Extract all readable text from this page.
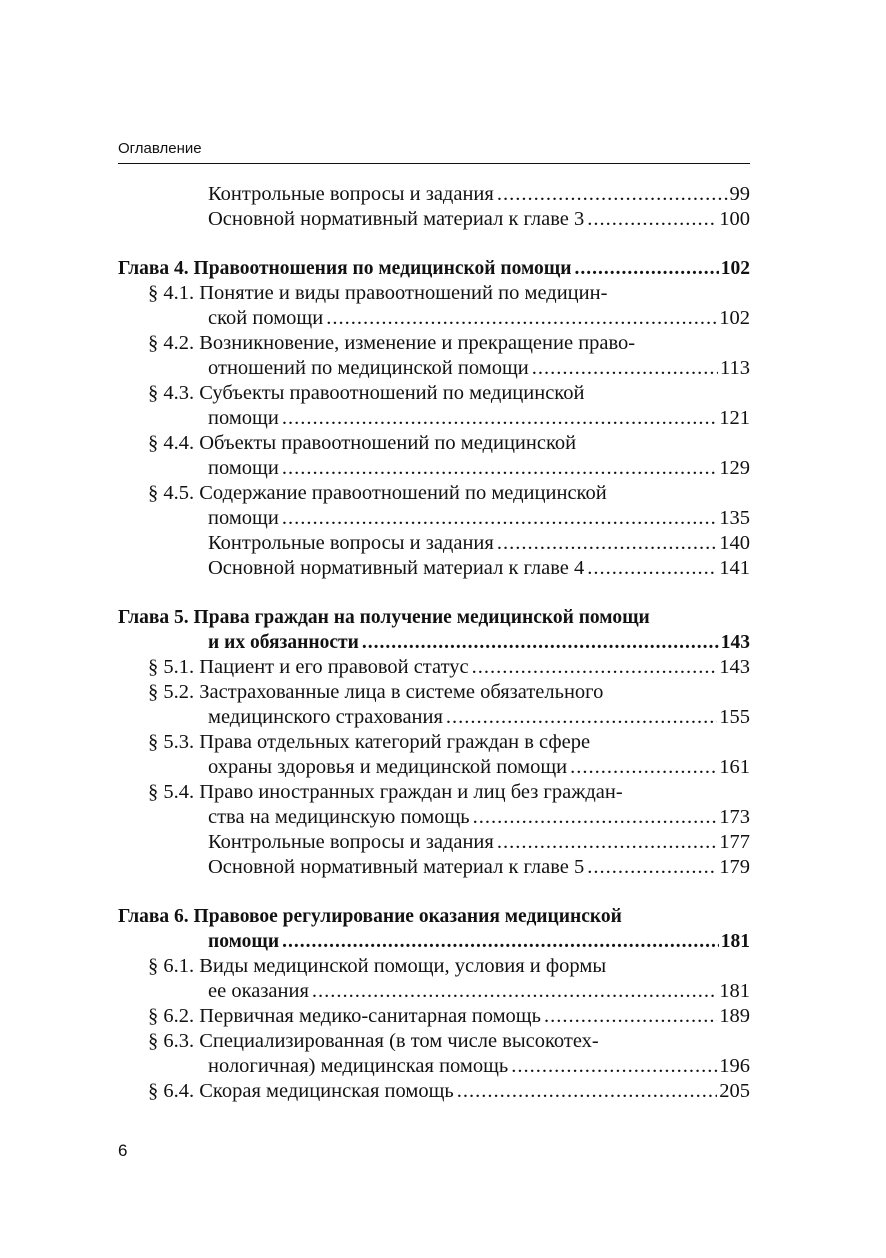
Оглавление
Контрольные вопросы и задания .....	99
Основной нормативный материал к главе 3 .....	100
Глава 4. Правоотношения по медицинской помощи .....	102
§ 4.1. Понятие и виды правоотношений по медицин-
ской помощи .....	102
§ 4.2. Возникновение, изменение и прекращение право-
отношений по медицинской помощи .....	113
§ 4.3. Субъекты правоотношений по медицинской
помощи .....	121
§ 4.4. Объекты правоотношений по медицинской
помощи .....	129
§ 4.5. Содержание правоотношений по медицинской
помощи .....	135
Контрольные вопросы и задания .....	140
Основной нормативный материал к главе 4 .....	141
Глава 5. Права граждан на получение медицинской помощи
и их обязанности .....	143
§ 5.1. Пациент и его правовой статус .....	143
§ 5.2. Застрахованные лица в системе обязательного
медицинского страхования .....	155
§ 5.3. Права отдельных категорий граждан в сфере
охраны здоровья и медицинской помощи .....	161
§ 5.4. Право иностранных граждан и лиц без граждан-
ства на медицинскую помощь .....	173
Контрольные вопросы и задания .....	177
Основной нормативный материал к главе 5 .....	179
Глава 6. Правовое регулирование оказания медицинской
помощи .....	181
§ 6.1. Виды медицинской помощи, условия и формы
ее оказания .....	181
§ 6.2. Первичная медико-санитарная помощь .....	189
§ 6.3. Специализированная (в том числе высокотех-
нологичная) медицинская помощь .....	196
§ 6.4. Скорая медицинская помощь .....	205
6
